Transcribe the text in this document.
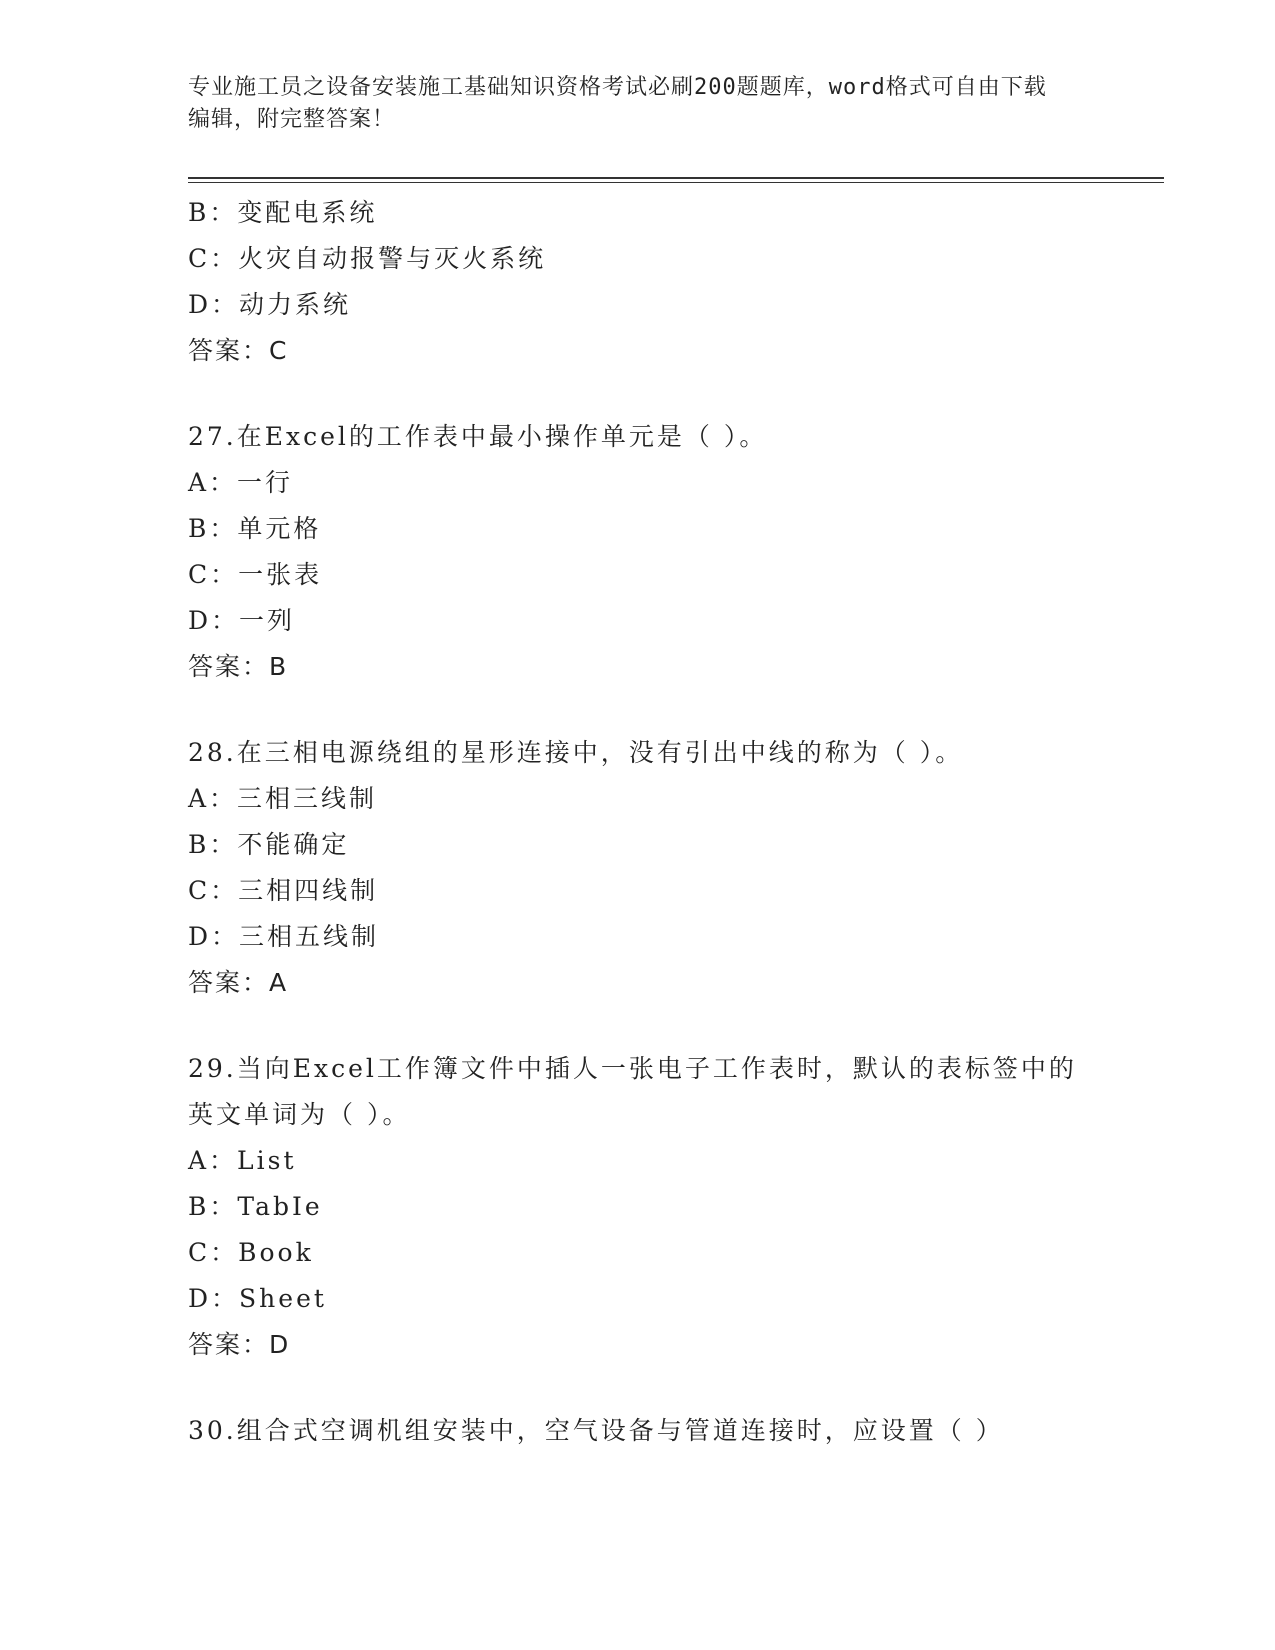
专业施工员之设备安装施工基础知识资格考试必刷200题题库，word格式可自由下载编辑，附完整答案！
B：变配电系统
C：火灾自动报警与灭火系统
D：动力系统
答案：C
27.在Excel的工作表中最小操作单元是（ ）。
A：一行
B：单元格
C：一张表
D：一列
答案：B
28.在三相电源绕组的星形连接中，没有引出中线的称为（ ）。
A：三相三线制
B：不能确定
C：三相四线制
D：三相五线制
答案：A
29.当向Excel工作簿文件中插人一张电子工作表时，默认的表标签中的英文单词为（ ）。
A：List
B：TabIe
C：Book
D：Sheet
答案：D
30.组合式空调机组安装中，空气设备与管道连接时，应设置（ ）
